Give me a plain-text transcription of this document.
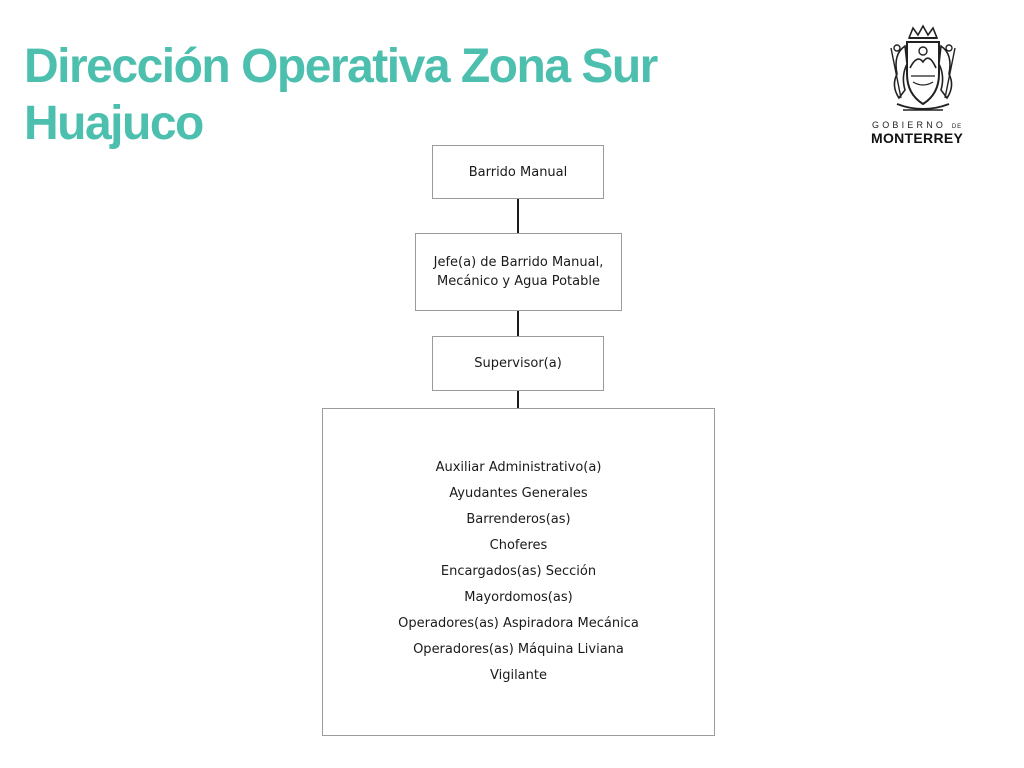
Dirección Operativa Zona Sur
Huajuco	GOBIERNO DE
MONTERREY
Barrido Manual
Jefe(a) de Barrido Manual,
Mecánico y Agua Potable
Supervisor(a)
Auxiliar Administrativo(a)
Ayudantes Generales
Barrenderos(as)
Choferes
Encargados(as) Sección
Mayordomos(as)
Operadores(as) Aspiradora Mecánica
Operadores(as) Máquina Liviana
Vigilante
